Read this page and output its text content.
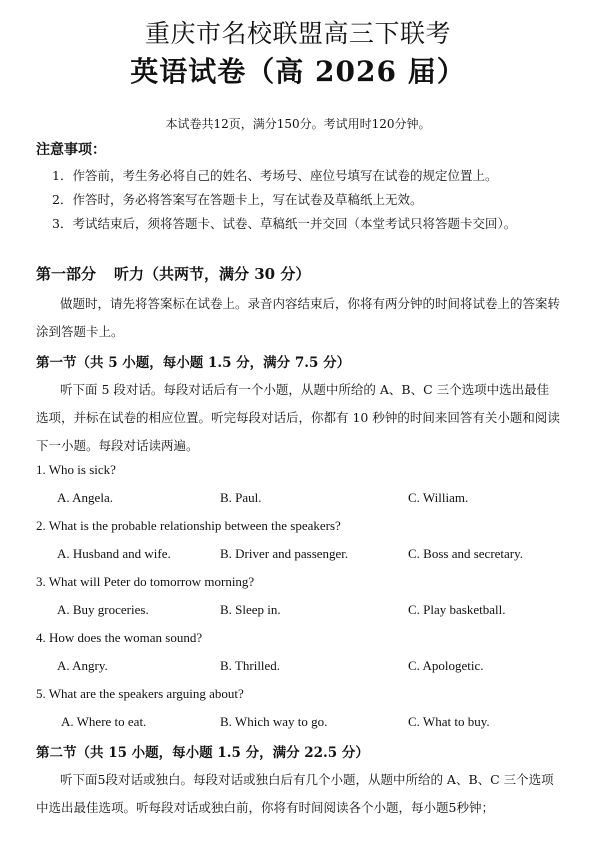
重庆市名校联盟高三下联考
英语试卷（高 2026 届）
本试卷共12页，满分150分。考试用时120分钟。
注意事项：
1．作答前，考生务必将自己的姓名、考场号、座位号填写在试卷的规定位置上。
2．作答时，务必将答案写在答题卡上，写在试卷及草稿纸上无效。
3．考试结束后，须将答题卡、试卷、草稿纸一并交回（本堂考试只将答题卡交回）。
第一部分 听力（共两节，满分 30 分）
做题时，请先将答案标在试卷上。录音内容结束后，你将有两分钟的时间将试卷上的答案转涂到答题卡上。
第一节（共 5 小题，每小题 1.5 分，满分 7.5 分）
听下面 5 段对话。每段对话后有一个小题，从题中所给的 A、B、C 三个选项中选出最佳选项，并标在试卷的相应位置。听完每段对话后，你都有 10 秒钟的时间来回答有关小题和阅读下一小题。每段对话读两遍。
1. Who is sick?
A. Angela.	B. Paul.	C. William.
2. What is the probable relationship between the speakers?
A. Husband and wife.	B. Driver and passenger.	C. Boss and secretary.
3. What will Peter do tomorrow morning?
A. Buy groceries.	B. Sleep in.	C. Play basketball.
4. How does the woman sound?
A. Angry.	B. Thrilled.	C. Apologetic.
5. What are the speakers arguing about?
A. Where to eat.	B. Which way to go.	C. What to buy.
第二节（共 15 小题，每小题 1.5 分，满分 22.5 分）
听下面5段对话或独白。每段对话或独白后有几个小题，从题中所给的 A、B、C 三个选项中选出最佳选项。听每段对话或独白前，你将有时间阅读各个小题，每小题5秒钟；
